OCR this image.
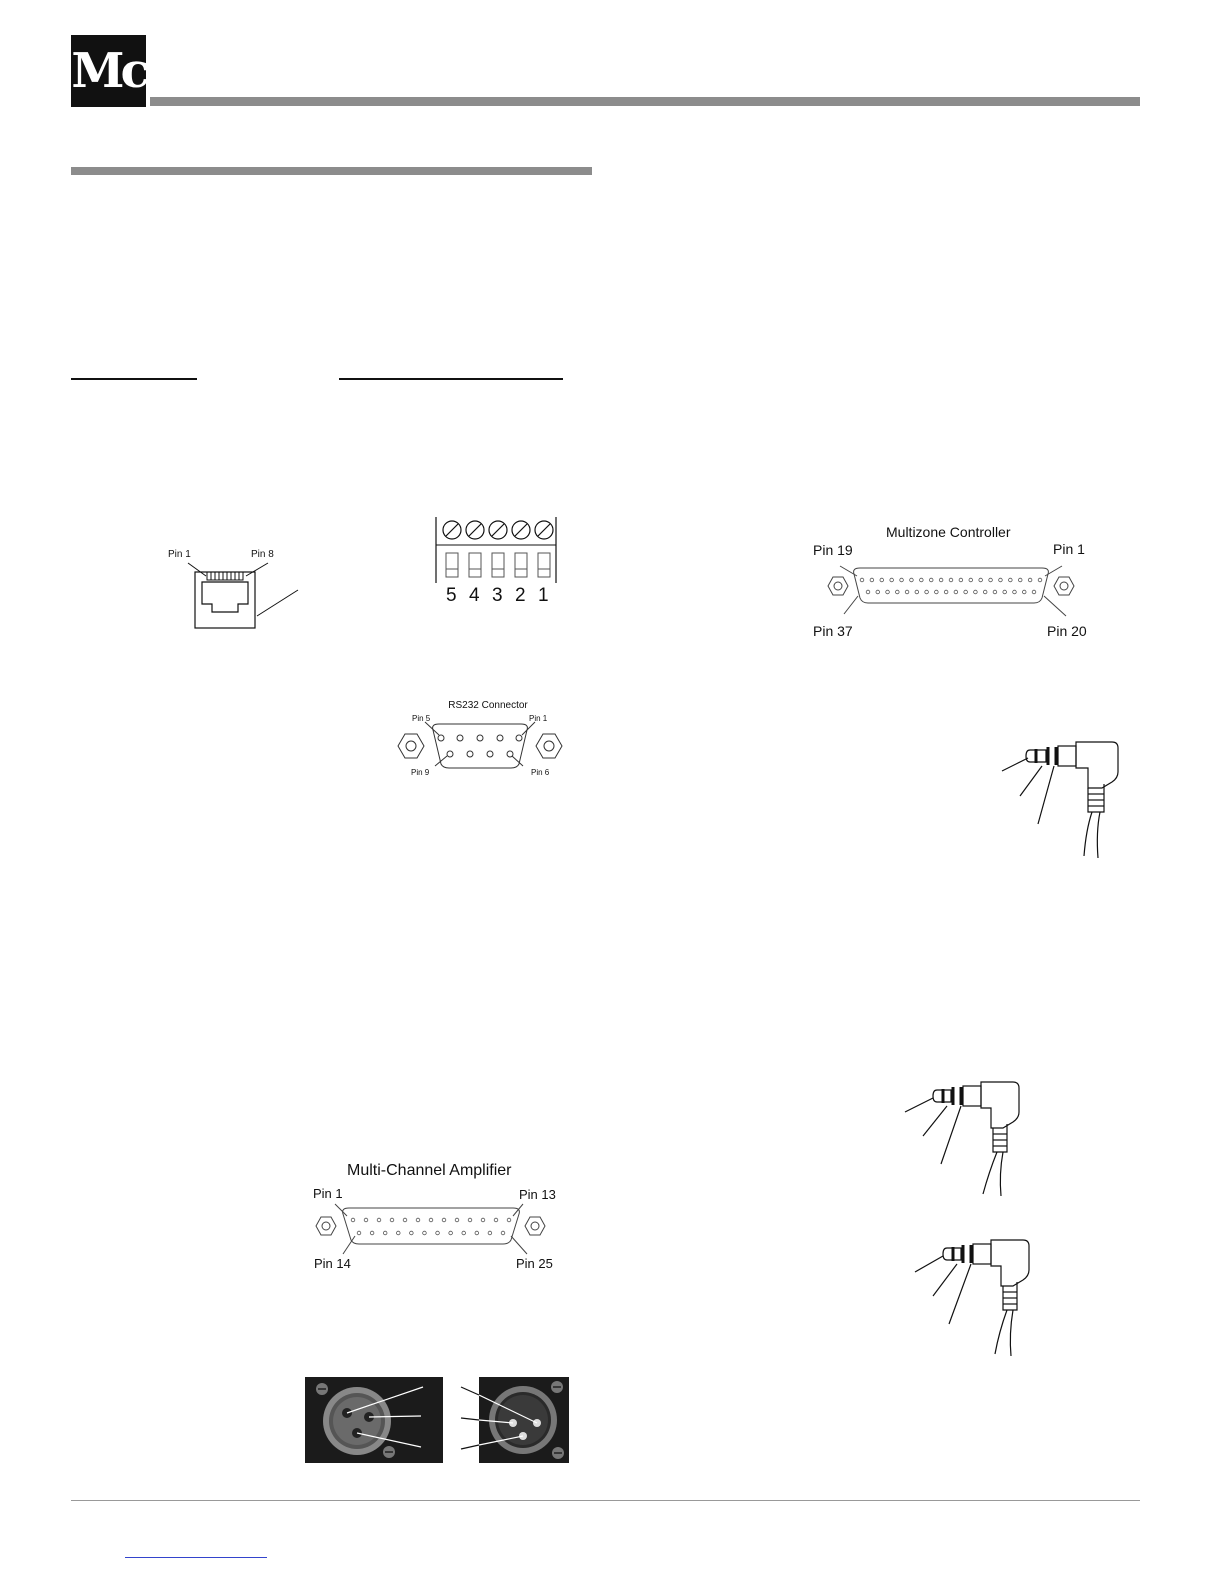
Mc
Pin 1	Pin 8
5 4 3 2 1
RS232 Connector
Pin 5	Pin 1
Pin 9	Pin 6
Multizone Controller
Pin 19	Pin 1
Pin 37	Pin 20
Multi-Channel Amplifier
Pin 1	Pin 13
Pin 14	Pin 25
